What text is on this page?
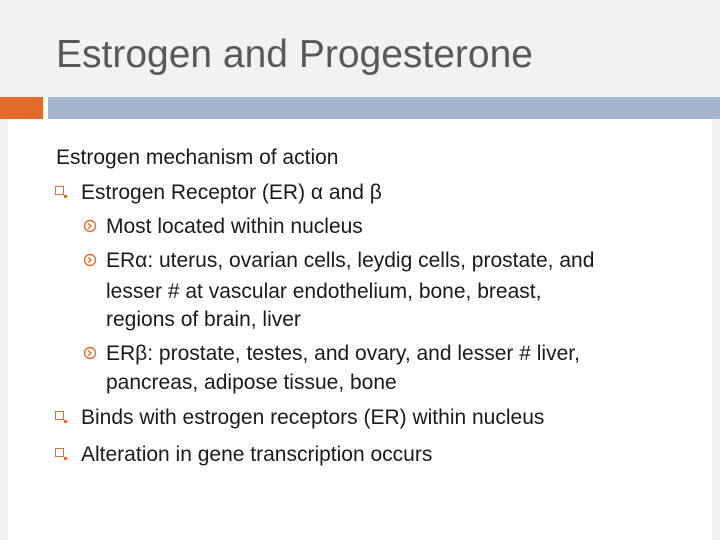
Estrogen and Progesterone
Estrogen mechanism of action
Estrogen Receptor (ER) α and β
Most located within nucleus
ERα: uterus, ovarian cells, leydig cells, prostate, and
lesser # at vascular endothelium, bone, breast,
regions of brain, liver
ERβ: prostate, testes, and ovary, and lesser # liver,
pancreas, adipose tissue, bone
Binds with estrogen receptors (ER) within nucleus
Alteration in gene transcription occurs
